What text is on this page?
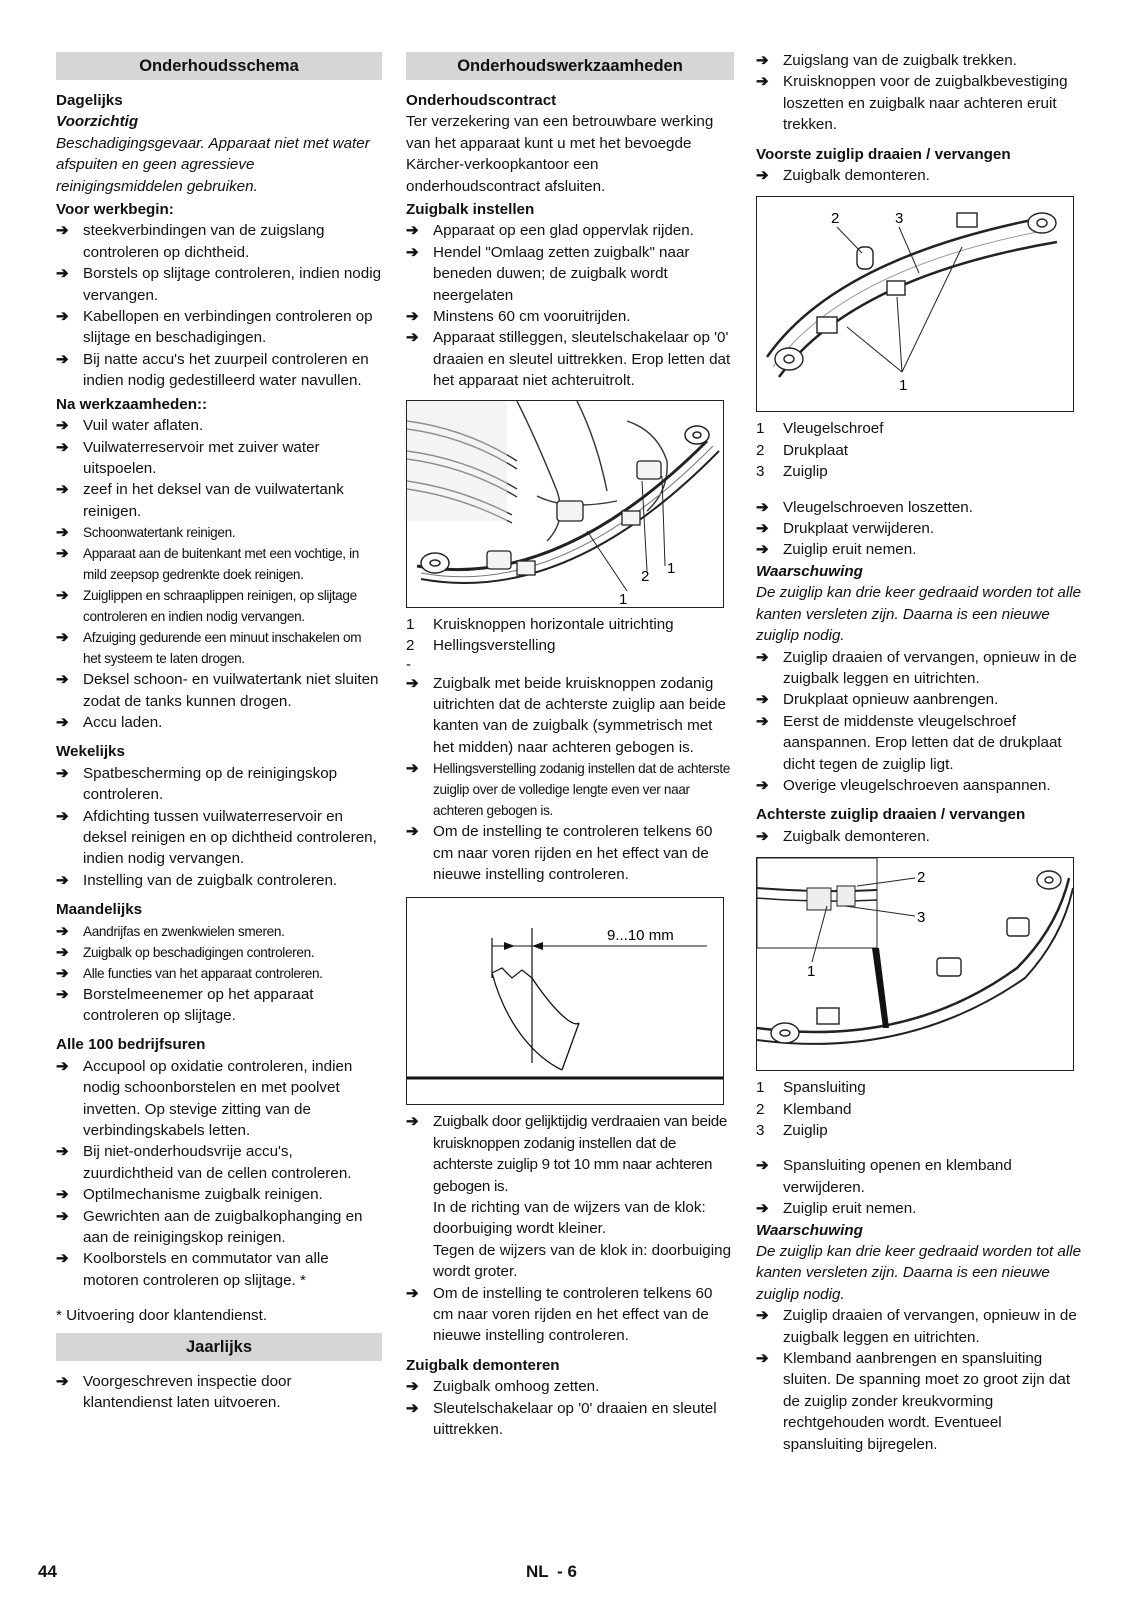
Onderhoudsschema

Dagelijks

Voorzichtig

Beschadigingsgevaar. Apparaat niet met water afspuiten en geen agressieve reinigingsmiddelen gebruiken.

Voor werkbegin:

➔ steekverbindingen van de zuigslang controleren op dichtheid.
➔ Borstels op slijtage controleren, indien nodig vervangen.
➔ Kabellopen en verbindingen controleren op slijtage en beschadigingen.
➔ Bij natte accu's het zuurpeil controleren en indien nodig gedestilleerd water navullen.

Na werkzaamheden::

➔ Vuil water aflaten.
➔ Vuilwaterreservoir met zuiver water uitspoelen.
➔ zeef in het deksel van de vuilwatertank reinigen.
➔ Schoonwatertank reinigen.
➔ Apparaat aan de buitenkant met een vochtige, in mild zeepsop gedrenkte doek reinigen.
➔ Zuiglippen en schraaplippen reinigen, op slijtage controleren en indien nodig vervangen.
➔ Afzuiging gedurende een minuut inschakelen om het systeem te laten drogen.
➔ Deksel schoon- en vuilwatertank niet sluiten zodat de tanks kunnen drogen.
➔ Accu laden.

Wekelijks

➔ Spatbescherming op de reinigingskop controleren.
➔ Afdichting tussen vuilwaterreservoir en deksel reinigen en op dichtheid controleren, indien nodig vervangen.
➔ Instelling van de zuigbalk controleren.

Maandelijks

➔ Aandrijfas en zwenkwielen smeren.
➔ Zuigbalk op beschadigingen controleren.
➔ Alle functies van het apparaat controleren.
➔ Borstelmeenemer op het apparaat controleren op slijtage.

Alle 100 bedrijfsuren

➔ Accupool op oxidatie controleren, indien nodig schoonborstelen en met poolvet invetten. Op stevige zitting van de verbindingskabels letten.
➔ Bij niet-onderhoudsvrije accu's, zuurdichtheid van de cellen controleren.
➔ Optilmechanisme zuigbalk reinigen.
➔ Gewrichten aan de zuigbalkophanging en aan de reinigingskop reinigen.
➔ Koolborstels en commutator van alle motoren controleren op slijtage. *

* Uitvoering door klantendienst.

Jaarlijks
➔ Voorgeschreven inspectie door klantendienst laten uitvoeren.
Onderhoudswerkzaamheden

Onderhoudscontract

Ter verzekering van een betrouwbare werking van het apparaat kunt u met het bevoegde Kärcher-verkoopkantoor een onderhoudscontract afsluiten.

Zuigbalk instellen

➔ Apparaat op een glad oppervlak rijden.
➔ Hendel "Omlaag zetten zuigbalk" naar beneden duwen; de zuigbalk wordt neergelaten
➔ Minstens 60 cm vooruitrijden.
➔ Apparaat stilleggen, sleutelschakelaar op '0' draaien en sleutel uittrekken. Erop letten dat het apparaat niet achteruitrolt.
1
2 1
1	Kruisknoppen horizontale uitrichting
2	Hellingsverstelling

-

➔ Zuigbalk met beide kruisknoppen zodanig uitrichten dat de achterste zuiglip aan beide kanten van de zuigbalk (symmetrisch met het midden) naar achteren gebogen is.
➔ Hellingsverstelling zodanig instellen dat de achterste zuiglip over de volledige lengte even ver naar achteren gebogen is.
➔ Om de instelling te controleren telkens 60 cm naar voren rijden en het effect van de nieuwe instelling controleren.
9...10 mm
➔ Zuigbalk door gelijktijdig verdraaien van beide kruisknoppen zodanig instellen dat de achterste zuiglip 9 tot 10 mm naar achteren gebogen is.

In de richting van de wijzers van de klok: doorbuiging wordt kleiner.

Tegen de wijzers van de klok in: doorbuiging wordt groter.

➔ Om de instelling te controleren telkens 60 cm naar voren rijden en het effect van de nieuwe instelling controleren.

Zuigbalk demonteren

➔ Zuigbalk omhoog zetten.
➔ Sleutelschakelaar op '0' draaien en sleutel uittrekken.
➔ Zuigslang van de zuigbalk trekken.
➔ Kruisknoppen voor de zuigbalkbevestiging loszetten en zuigbalk naar achteren eruit trekken.

Voorste zuiglip draaien / vervangen

➔ Zuigbalk demonteren.
2	3
1
1	Vleugelschroef
2	Drukplaat
3	Zuiglip
➔ Vleugelschroeven loszetten.
➔ Drukplaat verwijderen.
➔ Zuiglip eruit nemen.

Waarschuwing

De zuiglip kan drie keer gedraaid worden tot alle kanten versleten zijn. Daarna is een nieuwe zuiglip nodig.

➔ Zuiglip draaien of vervangen, opnieuw in de zuigbalk leggen en uitrichten.
➔ Drukplaat opnieuw aanbrengen.
➔ Eerst de middenste vleugelschroef aanspannen. Erop letten dat de drukplaat dicht tegen de zuiglip ligt.
➔ Overige vleugelschroeven aanspannen.

Achterste zuiglip draaien / vervangen

➔ Zuigbalk demonteren.
2
3
1
1	Spansluiting
2	Klemband
3	Zuiglip
➔ Spansluiting openen en klemband verwijderen.
➔ Zuiglip eruit nemen.

Waarschuwing

De zuiglip kan drie keer gedraaid worden tot alle kanten versleten zijn. Daarna is een nieuwe zuiglip nodig.

➔ Zuiglip draaien of vervangen, opnieuw in de zuigbalk leggen en uitrichten.
➔ Klemband aanbrengen en spansluiting sluiten. De spanning moet zo groot zijn dat de zuiglip zonder kreukvorming rechtgehouden wordt. Eventueel spansluiting bijregelen.
44	NL - 6
